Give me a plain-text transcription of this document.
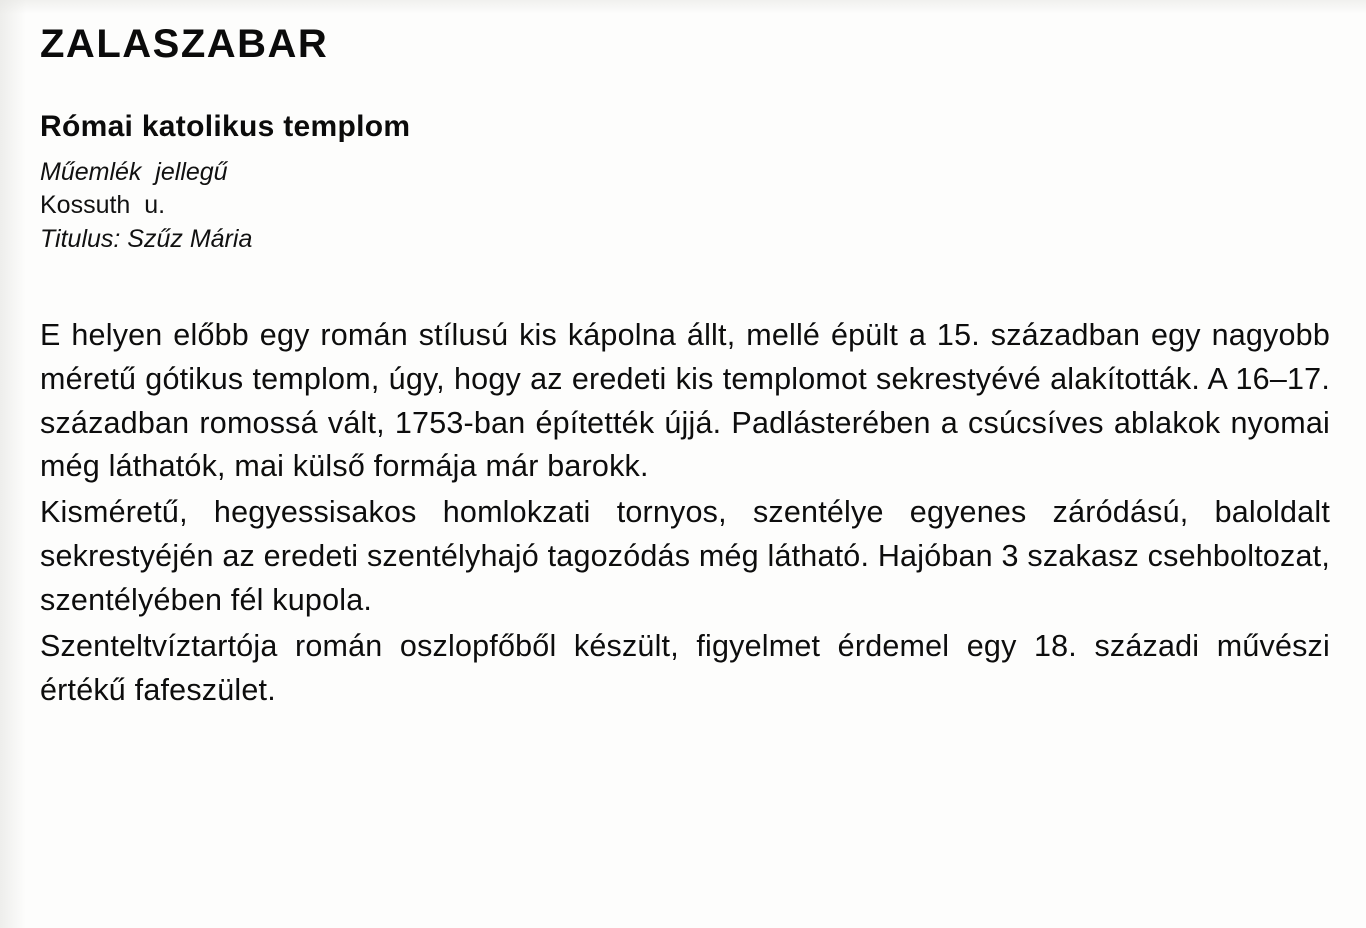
ZALASZABAR
Római katolikus templom
Műemlék  jellegű
Kossuth  u.
Titulus: Szűz Mária

E helyen előbb egy román stílusú kis kápolna állt, mellé épült a 15. században egy nagyobb méretű gótikus templom, úgy, hogy az eredeti kis templomot sekrestyévé alakították. A 16–17. században romossá vált, 1753-ban építették újjá. Padlásterében a csúcsíves ablakok nyomai még láthatók, mai külső formája már barokk.

Kisméretű, hegyessisakos homlokzati tornyos, szentélye egyenes záródású, baloldalt sekrestyéjén az eredeti szentélyhajó tagozódás még látható. Hajóban 3 szakasz csehboltozat, szentélyében fél kupola.

Szenteltvíztartója román oszlopfőből készült, figyelmet érdemel egy 18. századi művészi értékű fafeszület.
